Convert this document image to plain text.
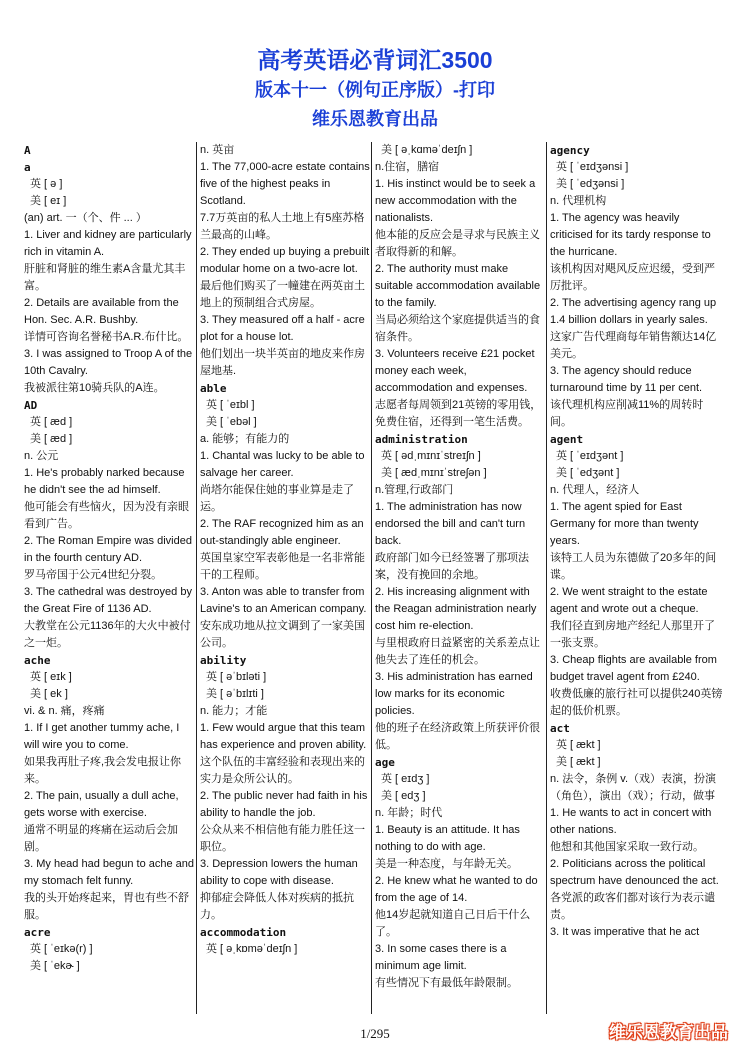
高考英语必背词汇3500
版本十一（例句正序版）-打印
维乐恩教育出品
A
a
英 [ ə ]
美 [ eɪ ]
(an) art. 一（个、件 ... ）
1. Liver and kidney are particularly rich in vitamin A.
肝脏和肾脏的维生素A含量尤其丰富。
2. Details are available from the Hon. Sec. A.R. Bushby.
详情可咨询名誉秘书A.R.布什比。
3. I was assigned to Troop A of the 10th Cavalry.
我被派往第10骑兵队的A连。
AD
英 [ æd ]
美 [ æd ]
n. 公元
1. He's probably narked because he didn't see the ad himself.
他可能会有些恼火，因为没有亲眼看到广告。
2. The Roman Empire was divided in the fourth century AD.
罗马帝国于公元4世纪分裂。
3. The cathedral was destroyed by the Great Fire of 1136 AD.
大教堂在公元1136年的大火中被付之一炬。
ache
英 [ eɪk ]
美 [ ek ]
vi. & n. 痛，疼痛
1. If I get another tummy ache, I will wire you to come.
如果我再肚子疼,我会发电报让你来。
2. The pain, usually a dull ache, gets worse with exercise.
通常不明显的疼痛在运动后会加剧。
3. My head had begun to ache and my stomach felt funny.
我的头开始疼起来，胃也有些不舒服。
acre
英 [ ˈeɪkə(r) ]
美 [ ˈekɚ ]
n. 英亩
1. The 77,000-acre estate contains five of the highest peaks in Scotland.
7.7万英亩的私人土地上有5座苏格兰最高的山峰。
2. They ended up buying a prebuilt modular home on a two-acre lot.
最后他们购买了一幢建在两英亩土地上的预制组合式房屋。
3. They measured off a half - acre plot for a house lot.
他们划出一块半英亩的地皮来作房屋地基.
able
英 [ ˈeɪbl ]
美 [ ˈebəl ]
a. 能够；有能力的
1. Chantal was lucky to be able to salvage her career.
尚塔尔能保住她的事业算是走了运。
2. The RAF recognized him as an out-standingly able engineer.
英国皇家空军表彰他是一名非常能干的工程师。
3. Anton was able to transfer from Lavine's to an American company.
安东成功地从拉文调到了一家美国公司。
ability
英 [ əˈbɪləti ]
美 [ əˈbɪlɪti ]
n. 能力；才能
1. Few would argue that this team has experience and proven ability.
这个队伍的丰富经验和表现出来的实力是众所公认的。
2. The public never had faith in his ability to handle the job.
公众从来不相信他有能力胜任这一职位。
3. Depression lowers the human ability to cope with disease.
抑郁症会降低人体对疾病的抵抗力。
accommodation
英 [ əˌkɒməˈdeɪʃn ]
美 [ əˌkɑməˈdeɪʃn ]
n.住宿，膳宿
1. His instinct would be to seek a new accommodation with the nationalists.
他本能的反应会是寻求与民族主义者取得新的和解。
2. The authority must make suitable accommodation available to the family.
当局必须给这个家庭提供适当的食宿条件。
3. Volunteers receive £21 pocket money each week, accommodation and expenses.
志愿者每周领到21英镑的零用钱，免费住宿，还得到一笔生活费。
administration
英 [ ədˌmɪnɪˈstreɪʃn ]
美 [ ædˌmɪnɪˈstreʃən ]
n.管理,行政部门
1. The administration has now endorsed the bill and can't turn back.
政府部门如今已经签署了那项法案，没有挽回的余地。
2. His increasing alignment with the Reagan administration nearly cost him re-election.
与里根政府日益紧密的关系差点让他失去了连任的机会。
3. His administration has earned low marks for its economic policies.
他的班子在经济政策上所获评价很低。
age
英 [ eɪdʒ ]
美 [ edʒ ]
n. 年龄；时代
1. Beauty is an attitude. It has nothing to do with age.
美是一种态度，与年龄无关。
2. He knew what he wanted to do from the age of 14.
他14岁起就知道自己日后干什么了。
3. In some cases there is a minimum age limit.
有些情况下有最低年龄限制。
agency
英 [ ˈeɪdʒənsi ]
美 [ ˈedʒənsi ]
n. 代理机构
1. The agency was heavily criticised for its tardy response to the hurricane.
该机构因对飓风反应迟缓，受到严厉批评。
2. The advertising agency rang up 1.4 billion dollars in yearly sales.
这家广告代理商每年销售额达14亿美元。
3. The agency should reduce turnaround time by 11 per cent.
该代理机构应削减11%的周转时间。
agent
英 [ ˈeɪdʒənt ]
美 [ ˈedʒənt ]
n. 代理人，经济人
1. The agent spied for East Germany for more than twenty years.
该特工人员为东德做了20多年的间谍。
2. We went straight to the estate agent and wrote out a cheque.
我们径直到房地产经纪人那里开了一张支票。
3. Cheap flights are available from budget travel agent from £240.
收费低廉的旅行社可以提供240英镑起的低价机票。
act
英 [ ækt ]
美 [ ækt ]
n. 法令，条例 v.（戏）表演，扮演（角色），演出（戏）；行动，做事
1. He wants to act in concert with other nations.
他想和其他国家采取一致行动。
2. Politicians across the political spectrum have denounced the act.
各党派的政客们都对该行为表示谴责。
3. It was imperative that he act
1/295	维乐恩教育出品
